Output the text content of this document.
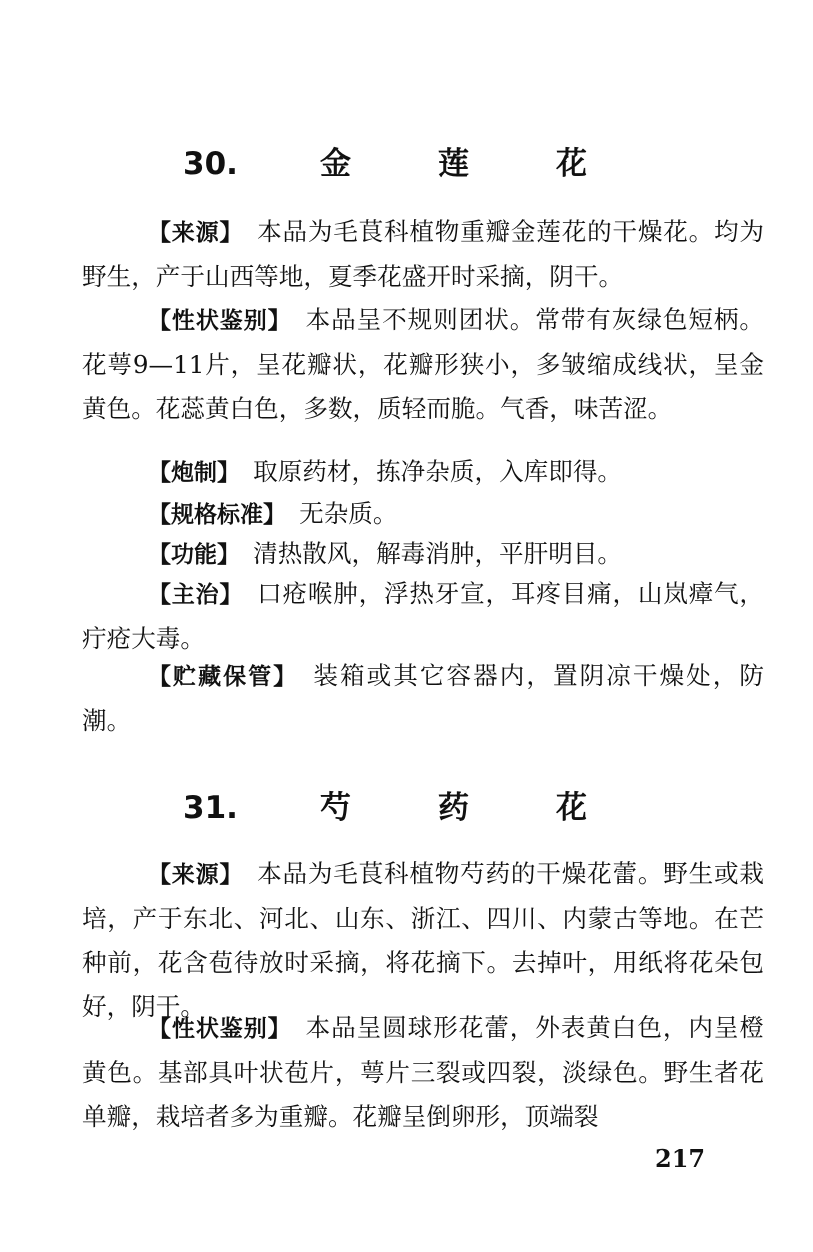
30.	金	莲	花
【来源】　 本品为毛茛科植物重瓣金莲花的干燥花。均为野生，产于山西等地，夏季花盛开时采摘，阴干。
【性状鉴别】　 本品呈不规则团状。常带有灰绿色短柄。花萼9—11片，呈花瓣状，花瓣形狭小，多皱缩成线状，呈金黄色。花蕊黄白色，多数，质轻而脆。气香，味苦涩。
【炮制】　 取原药材，拣净杂质，入库即得。
【规格标准】　 无杂质。
【功能】　 清热散风，解毒消肿，平肝明目。
【主治】　 口疮喉肿，浮热牙宣，耳疼目痛，山岚瘴气，疔疮大毒。
【贮藏保管】　 装箱或其它容器内，置阴凉干燥处，防潮。
31.	芍	药	花
【来源】　 本品为毛茛科植物芍药的干燥花蕾。野生或栽培，产于东北、河北、山东、浙江、四川、内蒙古等地。在芒种前，花含苞待放时采摘，将花摘下。去掉叶，用纸将花朵包好，阴干。
【性状鉴别】　 本品呈圆球形花蕾，外表黄白色，内呈橙黄色。基部具叶状苞片，萼片三裂或四裂，淡绿色。野生者花单瓣，栽培者多为重瓣。花瓣呈倒卵形，顶端裂
217
